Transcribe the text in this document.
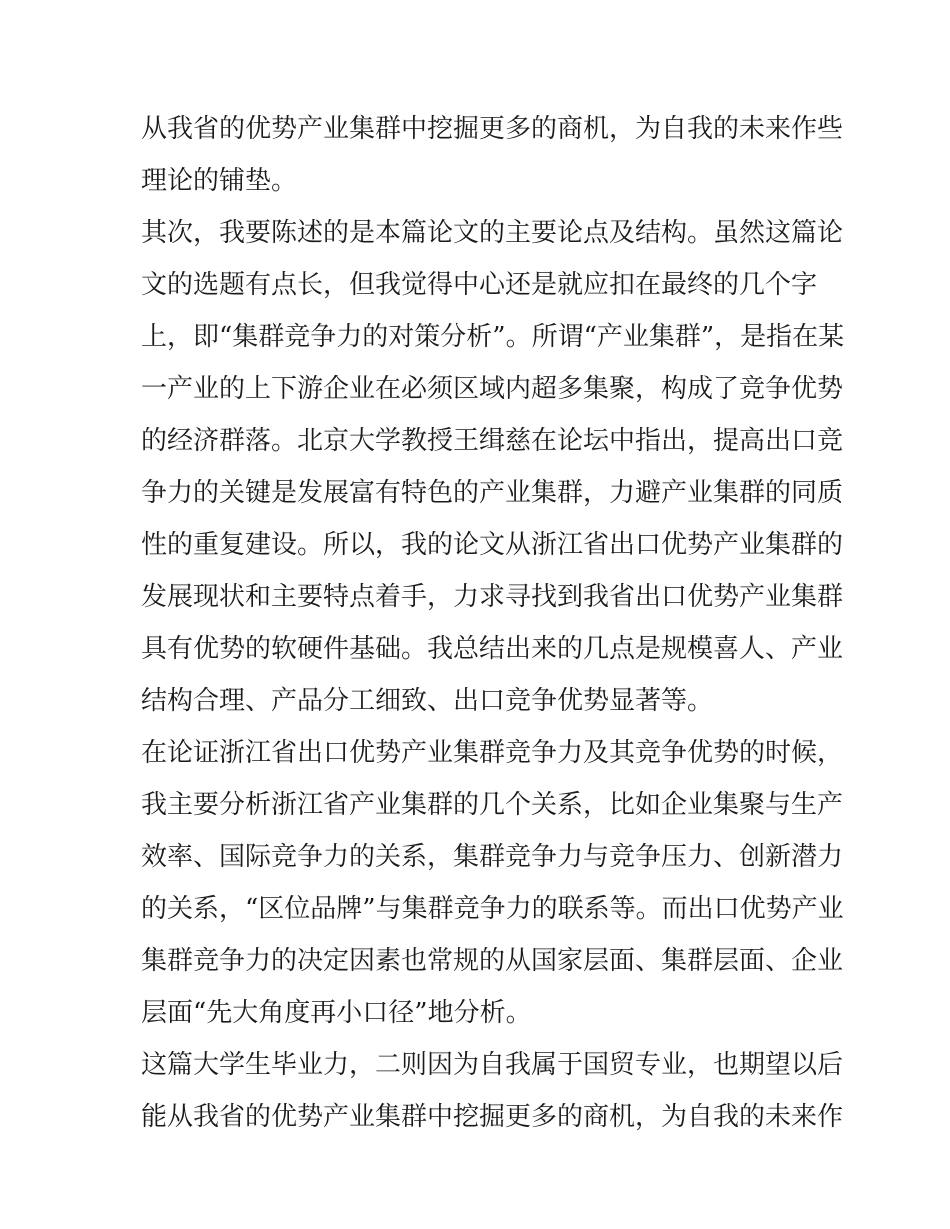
从我省的优势产业集群中挖掘更多的商机，为自我的未来作些
理论的铺垫。
其次，我要陈述的是本篇论文的主要论点及结构。虽然这篇论
文的选题有点长，但我觉得中心还是就应扣在最终的几个字
上，即“集群竞争力的对策分析”。所谓“产业集群”，是指在某
一产业的上下游企业在必须区域内超多集聚，构成了竞争优势
的经济群落。北京大学教授王缉慈在论坛中指出，提高出口竞
争力的关键是发展富有特色的产业集群，力避产业集群的同质
性的重复建设。所以，我的论文从浙江省出口优势产业集群的
发展现状和主要特点着手，力求寻找到我省出口优势产业集群
具有优势的软硬件基础。我总结出来的几点是规模喜人、产业
结构合理、产品分工细致、出口竞争优势显著等。
在论证浙江省出口优势产业集群竞争力及其竞争优势的时候，
我主要分析浙江省产业集群的几个关系，比如企业集聚与生产
效率、国际竞争力的关系，集群竞争力与竞争压力、创新潜力
的关系，“区位品牌”与集群竞争力的联系等。而出口优势产业
集群竞争力的决定因素也常规的从国家层面、集群层面、企业
层面“先大角度再小口径”地分析。
这篇大学生毕业力，二则因为自我属于国贸专业，也期望以后
能从我省的优势产业集群中挖掘更多的商机，为自我的未来作
